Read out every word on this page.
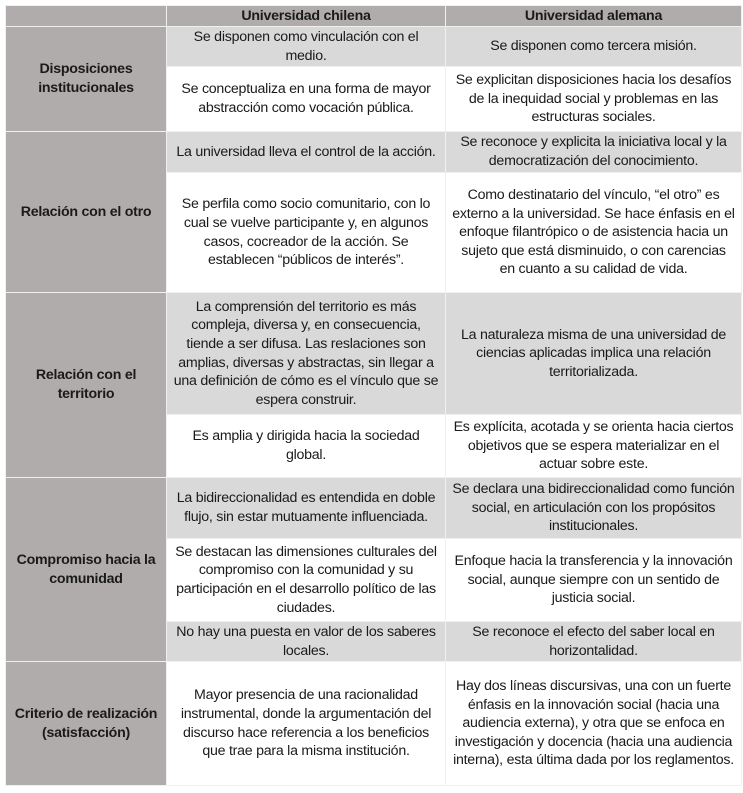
	Universidad chilena	Universidad alemana
Disposiciones institucionales	Se disponen como vinculación con el medio.	Se disponen como tercera misión.
	Se conceptualiza en una forma de mayor abstracción como vocación pública.	Se explicitan disposiciones hacia los desafíos de la inequidad social y problemas en las estructuras sociales.
Relación con el otro	La universidad lleva el control de la acción.	Se reconoce y explicita la iniciativa local y la democratización del conocimiento.
	Se perfila como socio comunitario, con lo cual se vuelve participante y, en algunos casos, cocreador de la acción. Se establecen “públicos de interés”.	Como destinatario del vínculo, “el otro” es externo a la universidad. Se hace énfasis en el enfoque filantrópico o de asistencia hacia un sujeto que está disminuido, o con carencias en cuanto a su calidad de vida.
Relación con el territorio	La comprensión del territorio es más compleja, diversa y, en consecuencia, tiende a ser difusa. Las reslaciones son amplias, diversas y abstractas, sin llegar a una definición de cómo es el vínculo que se espera construir.	La naturaleza misma de una universidad de ciencias aplicadas implica una relación territorializada.
	Es amplia y dirigida hacia la sociedad global.	Es explícita, acotada y se orienta hacia ciertos objetivos que se espera materializar en el actuar sobre este.
Compromiso hacia la comunidad	La bidireccionalidad es entendida en doble flujo, sin estar mutuamente influenciada.	Se declara una bidireccionalidad como función social, en articulación con los propósitos institucionales.
	Se destacan las dimensiones culturales del compromiso con la comunidad y su participación en el desarrollo político de las ciudades.	Enfoque hacia la transferencia y la innovación social, aunque siempre con un sentido de justicia social.
	No hay una puesta en valor de los saberes locales.	Se reconoce el efecto del saber local en horizontalidad.
Criterio de realización (satisfacción)	Mayor presencia de una racionalidad instrumental, donde la argumentación del discurso hace referencia a los beneficios que trae para la misma institución.	Hay dos líneas discursivas, una con un fuerte énfasis en la innovación social (hacia una audiencia externa), y otra que se enfoca en investigación y docencia (hacia una audiencia interna), esta última dada por los reglamentos.
